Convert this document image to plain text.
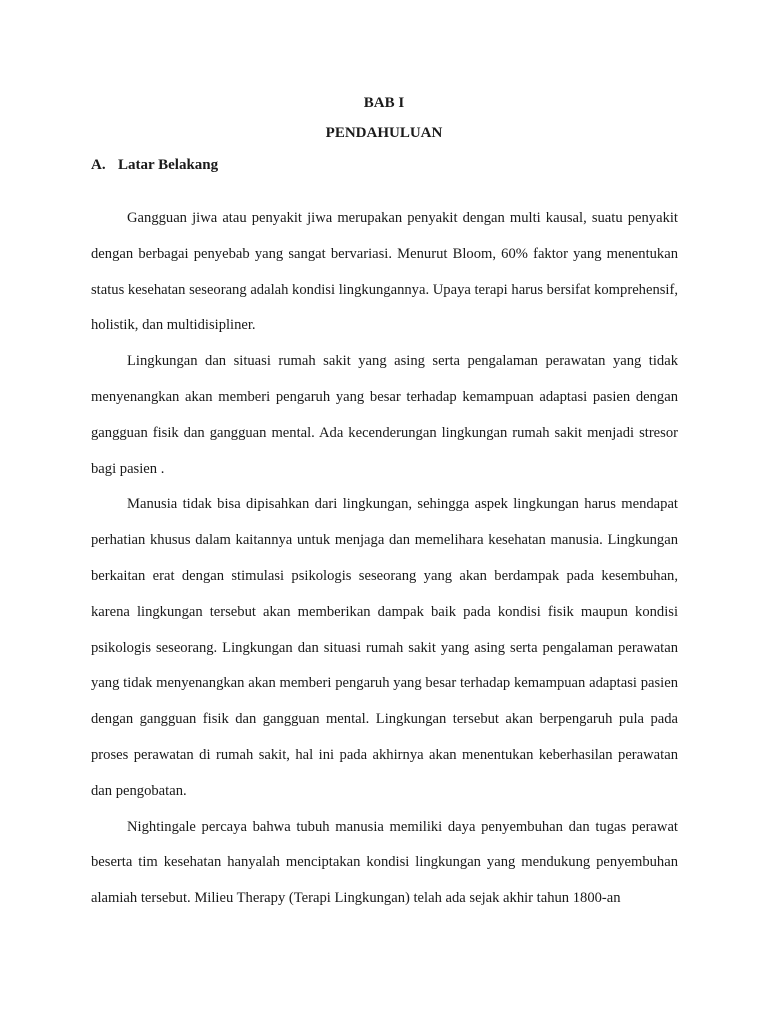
BAB I
PENDAHULUAN
A. Latar Belakang

Gangguan jiwa atau penyakit jiwa merupakan penyakit dengan multi kausal, suatu penyakit dengan berbagai penyebab yang sangat bervariasi. Menurut Bloom, 60% faktor yang menentukan status kesehatan seseorang adalah kondisi lingkungannya. Upaya terapi harus bersifat komprehensif, holistik, dan multidisipliner.

Lingkungan dan situasi rumah sakit yang asing serta pengalaman perawatan yang tidak menyenangkan akan memberi pengaruh yang besar terhadap kemampuan adaptasi pasien dengan gangguan fisik dan gangguan mental. Ada kecenderungan lingkungan rumah sakit menjadi stresor bagi pasien .

Manusia tidak bisa dipisahkan dari lingkungan, sehingga aspek lingkungan harus mendapat perhatian khusus dalam kaitannya untuk menjaga dan memelihara kesehatan manusia. Lingkungan berkaitan erat dengan stimulasi psikologis seseorang yang akan berdampak pada kesembuhan, karena lingkungan tersebut akan memberikan dampak baik pada kondisi fisik maupun kondisi psikologis seseorang. Lingkungan dan situasi rumah sakit yang asing serta pengalaman perawatan yang tidak menyenangkan akan memberi pengaruh yang besar terhadap kemampuan adaptasi pasien dengan gangguan fisik dan gangguan mental. Lingkungan tersebut akan berpengaruh pula pada proses perawatan di rumah sakit, hal ini pada akhirnya akan menentukan keberhasilan perawatan dan pengobatan.

Nightingale percaya bahwa tubuh manusia memiliki daya penyembuhan dan tugas perawat beserta tim kesehatan hanyalah menciptakan kondisi lingkungan yang mendukung penyembuhan alamiah tersebut. Milieu Therapy (Terapi Lingkungan) telah ada sejak akhir tahun 1800-an
